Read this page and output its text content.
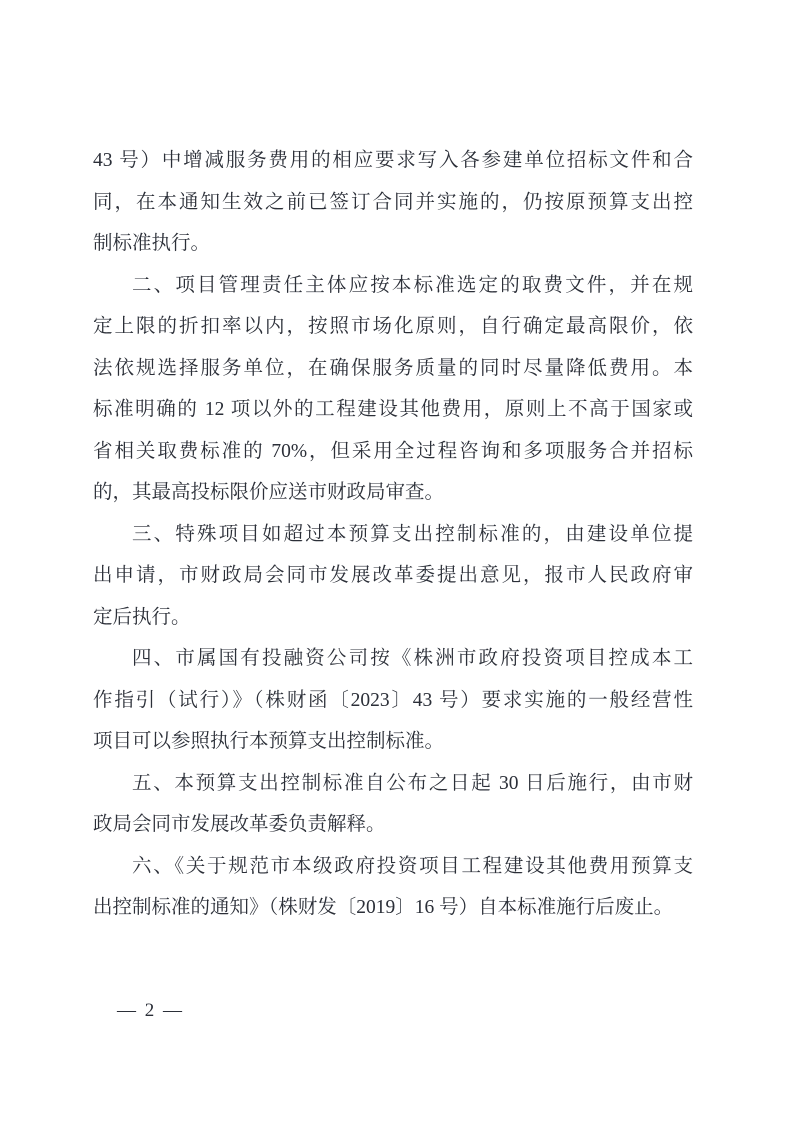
43 号）中增减服务费用的相应要求写入各参建单位招标文件和合
同，在本通知生效之前已签订合同并实施的，仍按原预算支出控
制标准执行。
二、项目管理责任主体应按本标准选定的取费文件，并在规
定上限的折扣率以内，按照市场化原则，自行确定最高限价，依
法依规选择服务单位，在确保服务质量的同时尽量降低费用。本
标准明确的 12 项以外的工程建设其他费用，原则上不高于国家或
省相关取费标准的 70%，但采用全过程咨询和多项服务合并招标
的，其最高投标限价应送市财政局审查。
三、特殊项目如超过本预算支出控制标准的，由建设单位提
出申请，市财政局会同市发展改革委提出意见，报市人民政府审
定后执行。
四、市属国有投融资公司按《株洲市政府投资项目控成本工
作指引（试行）》（株财函〔2023〕43 号）要求实施的一般经营性
项目可以参照执行本预算支出控制标准。
五、本预算支出控制标准自公布之日起 30 日后施行，由市财
政局会同市发展改革委负责解释。
六、《关于规范市本级政府投资项目工程建设其他费用预算支
出控制标准的通知》（株财发〔2019〕16 号）自本标准施行后废止。
— 2 —
